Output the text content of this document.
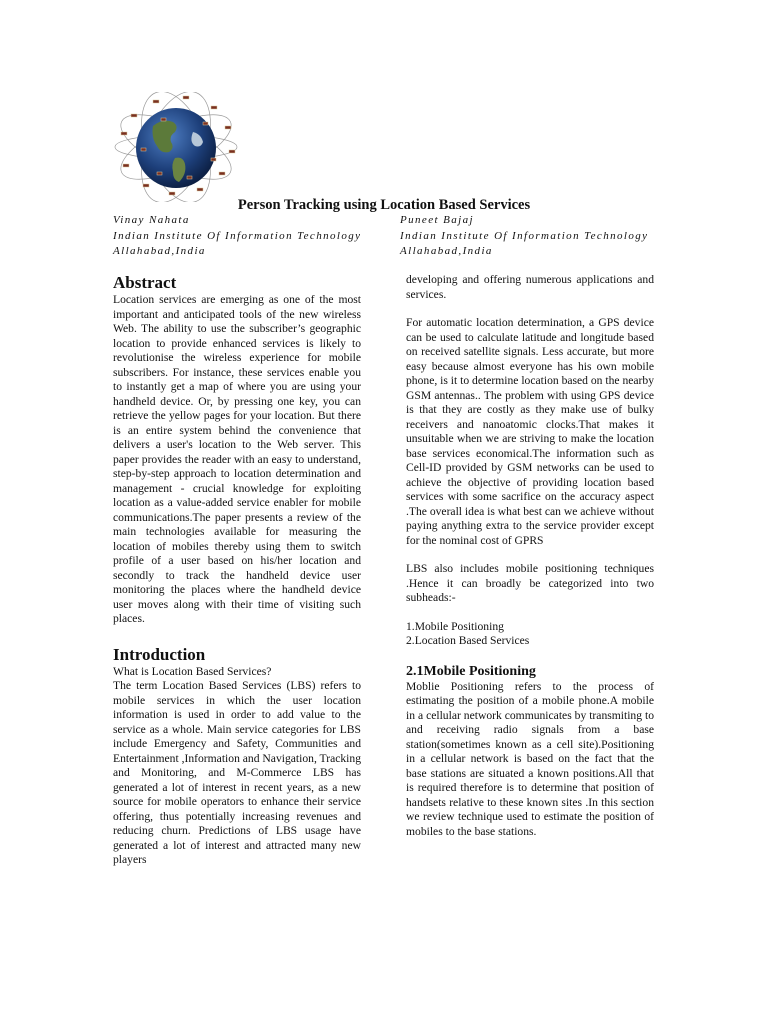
Person Tracking using Location Based Services
Vinay Nahata
Indian Institute Of Information Technology
Allahabad,India
Puneet Bajaj
Indian Institute Of Information Technology
Allahabad,India
Abstract

Location services are emerging as one of the most important and anticipated tools of the new wireless Web. The ability to use the subscriber’s geographic location to provide enhanced services is likely to revolutionise the wireless experience for mobile subscribers. For instance, these services enable you to instantly get a map of where you are using your handheld device. Or, by pressing one key, you can retrieve the yellow pages for your location. But there is an entire system behind the convenience that delivers a user's location to the Web server. This paper provides the reader with an easy to understand, step-by-step approach to location determination and management - crucial knowledge for exploiting location as a value-added service enabler for mobile communications.The paper presents a review of the main technologies available for measuring the location of mobiles thereby using them to switch profile of a user based on his/her location and secondly to track the handheld device user monitoring the places where the handheld device user moves along with their time of visiting such places.

Introduction

What is Location Based Services?

The term Location Based Services (LBS) refers to mobile services in which the user location information is used in order to add value to the service as a whole. Main service categories for LBS include Emergency and Safety, Communities and Entertainment ,Information and Navigation, Tracking and Monitoring, and M-Commerce LBS has generated a lot of interest in recent years, as a new source for mobile operators to enhance their service offering, thus potentially increasing revenues and reducing churn. Predictions of LBS usage have generated a lot of interest and attracted many new players

developing and offering numerous applications and services.

For automatic location determination, a GPS device can be used to calculate latitude and longitude based on received satellite signals. Less accurate, but more easy because almost everyone has his own mobile phone, is it to determine location based on the nearby GSM antennas.. The problem with using GPS device is that they are costly as they make use of bulky receivers and nanoatomic clocks.That makes it unsuitable when we are striving to make the location base services economical.The information such as Cell-ID provided by GSM networks can be used to achieve the objective of providing location based services with some sacrifice on the accuracy aspect .The overall idea is what best can we achieve without paying anything extra to the service provider except for the nominal cost of GPRS

LBS also includes mobile positioning techniques .Hence it can broadly be categorized into two subheads:-

1.Mobile Positioning

2.Location Based Services

2.1Mobile Positioning

Moblie Positioning refers to the process of estimating the position of a mobile phone.A mobile in a cellular network communicates by transmiting to and receiving radio signals from a base station(sometimes known as a cell site).Positioning in a cellular network is based on the fact that the base stations are situated a known positions.All that is required therefore is to determine that position of handsets relative to these known sites .In this section we review technique used to estimate the position of mobiles to the base stations.
